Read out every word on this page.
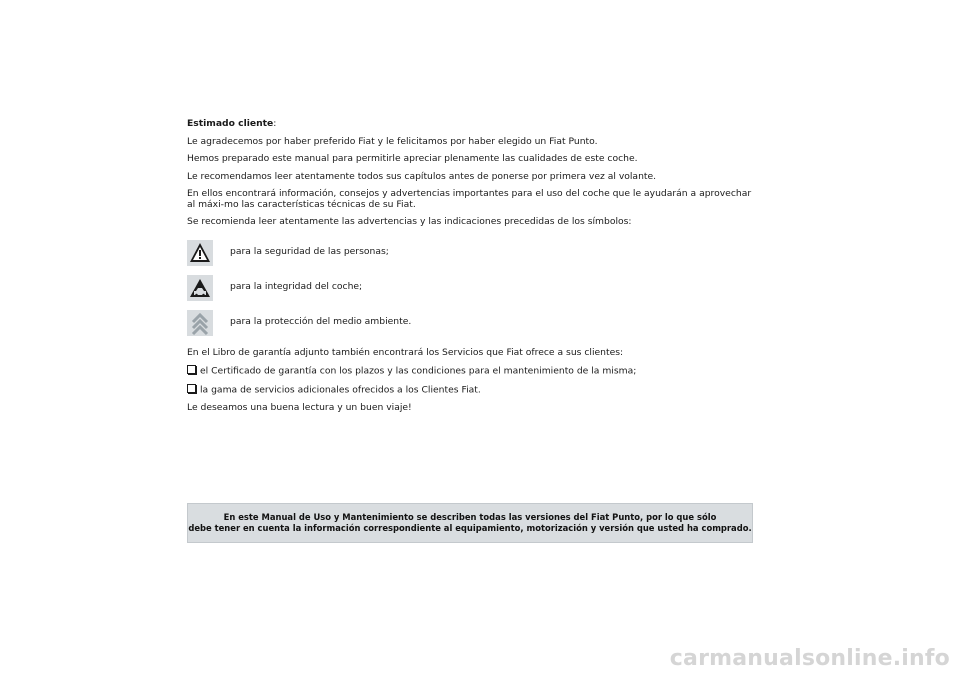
Estimado cliente:

Le agradecemos por haber preferido Fiat y le felicitamos por haber elegido un Fiat Punto.

Hemos preparado este manual para permitirle apreciar plenamente las cualidades de este coche.

Le recomendamos leer atentamente todos sus capítulos antes de ponerse por primera vez al volante.

En ellos encontrará información, consejos y advertencias importantes para el uso del coche que le ayudarán a aprovechar al máxi-mo las características técnicas de su Fiat.

Se recomienda leer atentamente las advertencias y las indicaciones precedidas de los símbolos:

para la seguridad de las personas;
para la integridad del coche;
para la protección del medio ambiente.

En el Libro de garantía adjunto también encontrará los Servicios que Fiat ofrece a sus clientes:

el Certificado de garantía con los plazos y las condiciones para el mantenimiento de la misma;

la gama de servicios adicionales ofrecidos a los Clientes Fiat.

Le deseamos una buena lectura y un buen viaje!

En este Manual de Uso y Mantenimiento se describen todas las versiones del Fiat Punto, por lo que sólo
debe tener en cuenta la información correspondiente al equipamiento, motorización y versión que usted ha comprado.
carmanualsonline.info
